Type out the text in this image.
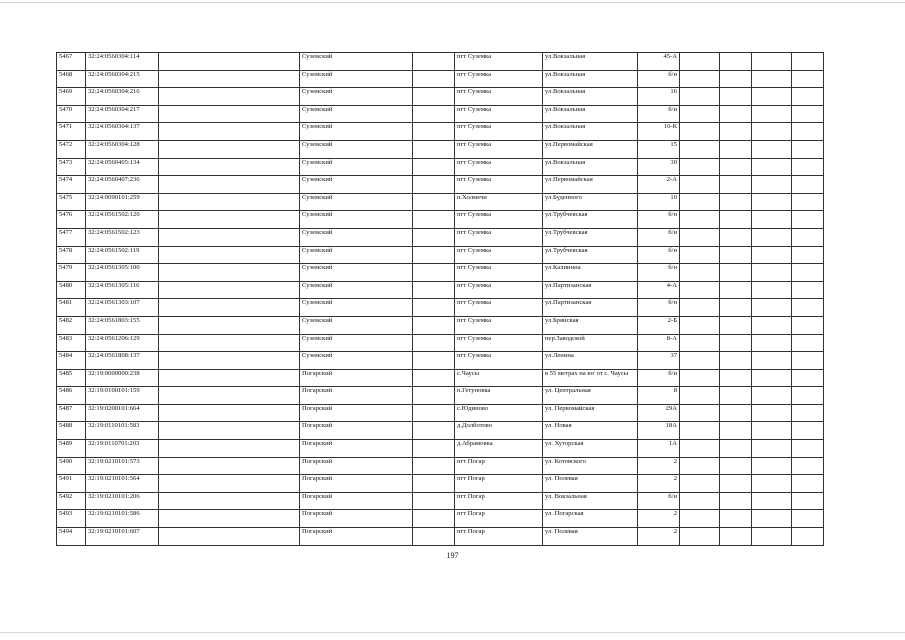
5467	32:24:0560304:114		Суземский		пгт Суземка	ул.Вокзальная	45-А				
5468	32:24:0560304:215		Суземский		пгт Суземка	ул.Вокзальная	б/н				
5469	32:24:0560304:216		Суземский		пгт Суземка	ул.Вокзальная	16				
5470	32:24:0560304:217		Суземский		пгт Суземка	ул.Вокзальная	б/н				
5471	32:24:0560304:137		Суземский		пгт Суземка	ул.Вокзальная	16-К				
5472	32:24:0560304:128		Суземский		пгт Суземка	ул.Первомайская	15				
5473	32:24:0560405:134		Суземский		пгт Суземка	ул.Вокзальная	30				
5474	32:24:0560407:236		Суземский		пгт Суземка	ул.Первомайская	2-А				
5475	32:24:0090101:259		Суземский		п.Холмечи	ул.Буденного	10				
5476	32:24:0561502:120		Суземский		пгт Суземка	ул.Трубчевская	б/н				
5477	32:24:0561502:123		Суземский		пгт Суземка	ул.Трубчевская	б/н				
5478	32:24:0561502:119		Суземский		пгт Суземка	ул.Трубчевская	б/н				
5479	32:24:0561305:100		Суземский		пгт Суземка	ул.Калинина	б/н				
5480	32:24:0561305:116		Суземский		пгт Суземка	ул.Партизанская	4-А				
5481	32:24:0561303:107		Суземский		пгт Суземка	ул.Партизанская	б/н				
5482	32:24:0561803:155		Суземский		пгт Суземка	ул.Брянская	2-Б				
5483	32:24:0561206:129		Суземский		пгт Суземка	пер.Заводской	8-А				
5484	32:24:0561808:137		Суземский		пгт Суземка	ул.Ленина	37				
5485	32:19:0000000:238		Погарский		с.Чаусы	в 55 метрах на юг от с. Чаусы	б/н				
5486	32:19:0100101:159		Погарский		п.Гетуновка	ул. Центральная	8				
5487	32:19:0200101:664		Погарский		с.Юдиново	ул. Первомайская	29А				
5488	32:19:0110101:583		Погарский		д.Долботово	ул. Новая	18А				
5489	32:19:0110701:203		Погарский		д.Абрамовка	ул. Хуторская	1А				
5490	32:19:0210101:573		Погарский		пгт Погар	ул. Котовского	2				
5491	32:19:0210101:564		Погарский		пгт Погар	ул. Полевая	2				
5492	32:19:0210101:206		Погарский		пгт Погар	ул. Вокзальная	б/н				
5493	32:19:0210101:586		Погарский		пгт Погар	ул. Погарская	2				
5494	32:19:0210101:607		Погарский		пгт Погар	ул. Полевая	2				
197
